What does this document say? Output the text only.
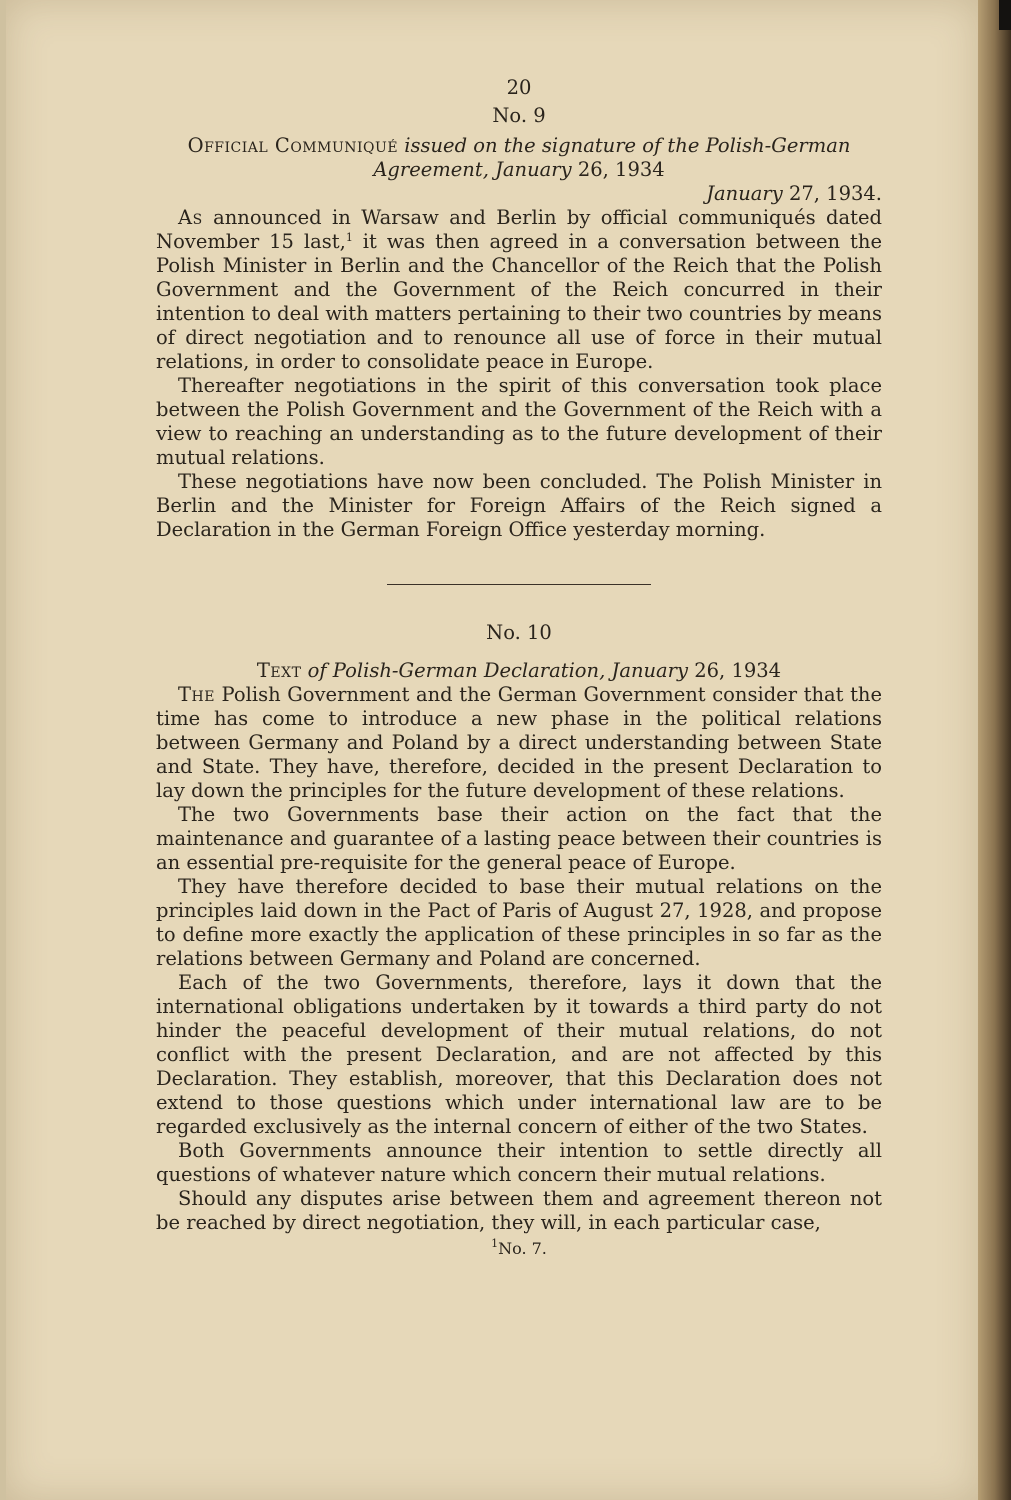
20

No. 9

Official Communiqué issued on the signature of the Polish-German Agreement, January 26, 1934

January 27, 1934.

As announced in Warsaw and Berlin by official communiqués dated November 15 last,$^1$ it was then agreed in a conversation between the Polish Minister in Berlin and the Chancellor of the Reich that the Polish Government and the Government of the Reich concurred in their intention to deal with matters pertaining to their two countries by means of direct negotiation and to renounce all use of force in their mutual relations, in order to consolidate peace in Europe.

Thereafter negotiations in the spirit of this conversation took place between the Polish Government and the Government of the Reich with a view to reaching an understanding as to the future development of their mutual relations.

These negotiations have now been concluded. The Polish Minister in Berlin and the Minister for Foreign Affairs of the Reich signed a Declaration in the German Foreign Office yesterday morning.

No. 10

Text of Polish-German Declaration, January 26, 1934

The Polish Government and the German Government consider that the time has come to introduce a new phase in the political relations between Germany and Poland by a direct understanding between State and State. They have, therefore, decided in the present Declaration to lay down the principles for the future development of these relations.

The two Governments base their action on the fact that the maintenance and guarantee of a lasting peace between their countries is an essential pre-requisite for the general peace of Europe.

They have therefore decided to base their mutual relations on the principles laid down in the Pact of Paris of August 27, 1928, and propose to define more exactly the application of these principles in so far as the relations between Germany and Poland are concerned.

Each of the two Governments, therefore, lays it down that the international obligations undertaken by it towards a third party do not hinder the peaceful development of their mutual relations, do not conflict with the present Declaration, and are not affected by this Declaration. They establish, moreover, that this Declaration does not extend to those questions which under international law are to be regarded exclusively as the internal concern of either of the two States.

Both Governments announce their intention to settle directly all questions of whatever nature which concern their mutual relations.

Should any disputes arise between them and agreement thereon not be reached by direct negotiation, they will, in each particular case,

$^1$No. 7.
